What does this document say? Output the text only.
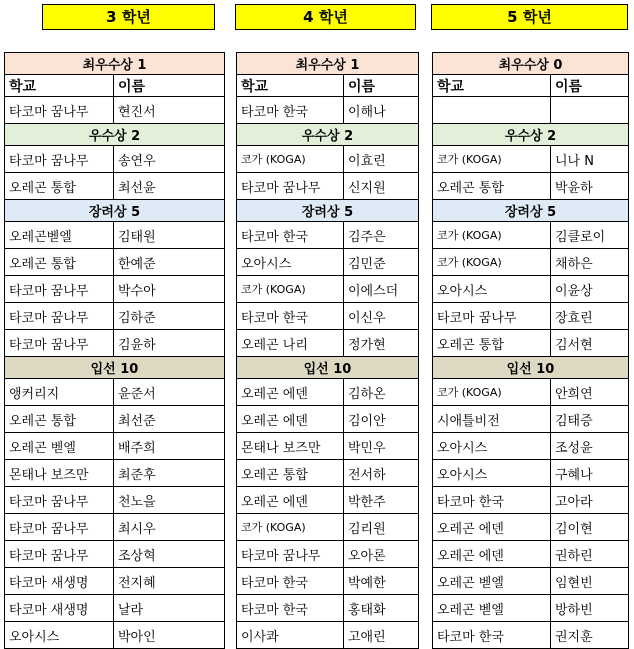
3 학년	4 학년	5 학년
최우수상 1	
학교	이름
타코마 꿈나무	현진서
우수상 2	
타코마 꿈나무	송연우
오레곤 통합	최선윤
장려상 5	
오레곤벧엘	김태원
오레곤 통합	한예준
타코마 꿈나무	박수아
타코마 꿈나무	김하준
타코마 꿈나무	김윤하
입선 10	
앵커리지	윤준서
오레곤 통합	최선준
오레곤 벧엘	배주희
몬태나 보즈만	최준후
타코마 꿈나무	천노을
타코마 꿈나무	최시우
타코마 꿈나무	조상혁
타코마 새생명	전지혜
타코마 새생명	날라
오아시스	박아인
최우수상 1	
학교	이름
타코마 한국	이해나
우수상 2	
코가 (KOGA)	이효린
타코마 꿈나무	신지원
장려상 5	
타코마 한국	김주은
오아시스	김민준
코가 (KOGA)	이에스더
타코마 한국	이신우
오레곤 나리	정가현
입선 10	
오레곤 에덴	김하온
오레곤 에덴	김이안
몬태나 보즈만	박민우
오레곤 통합	전서하
오레곤 에덴	박한주
코가 (KOGA)	김리원
타코마 꿈나무	오아론
타코마 한국	박예한
타코마 한국	홍태화
이사콰	고애린
최우수상 0	
학교	이름

우수상 2	
코가 (KOGA)	니나 N
오레곤 통합	박윤하
장려상 5	
코가 (KOGA)	김클로이
코가 (KOGA)	채하은
오아시스	이윤상
타코마 꿈나무	장효린
오레곤 통합	김서현
입선 10	
코가 (KOGA)	안희연
시애틀비전	김태증
오아시스	조성윤
오아시스	구혜나
타코마 한국	고아라
오레곤 에덴	김이현
오레곤 에덴	권하린
오레곤 벧엘	임현빈
오레곤 벧엘	방하빈
타코마 한국	권지훈
